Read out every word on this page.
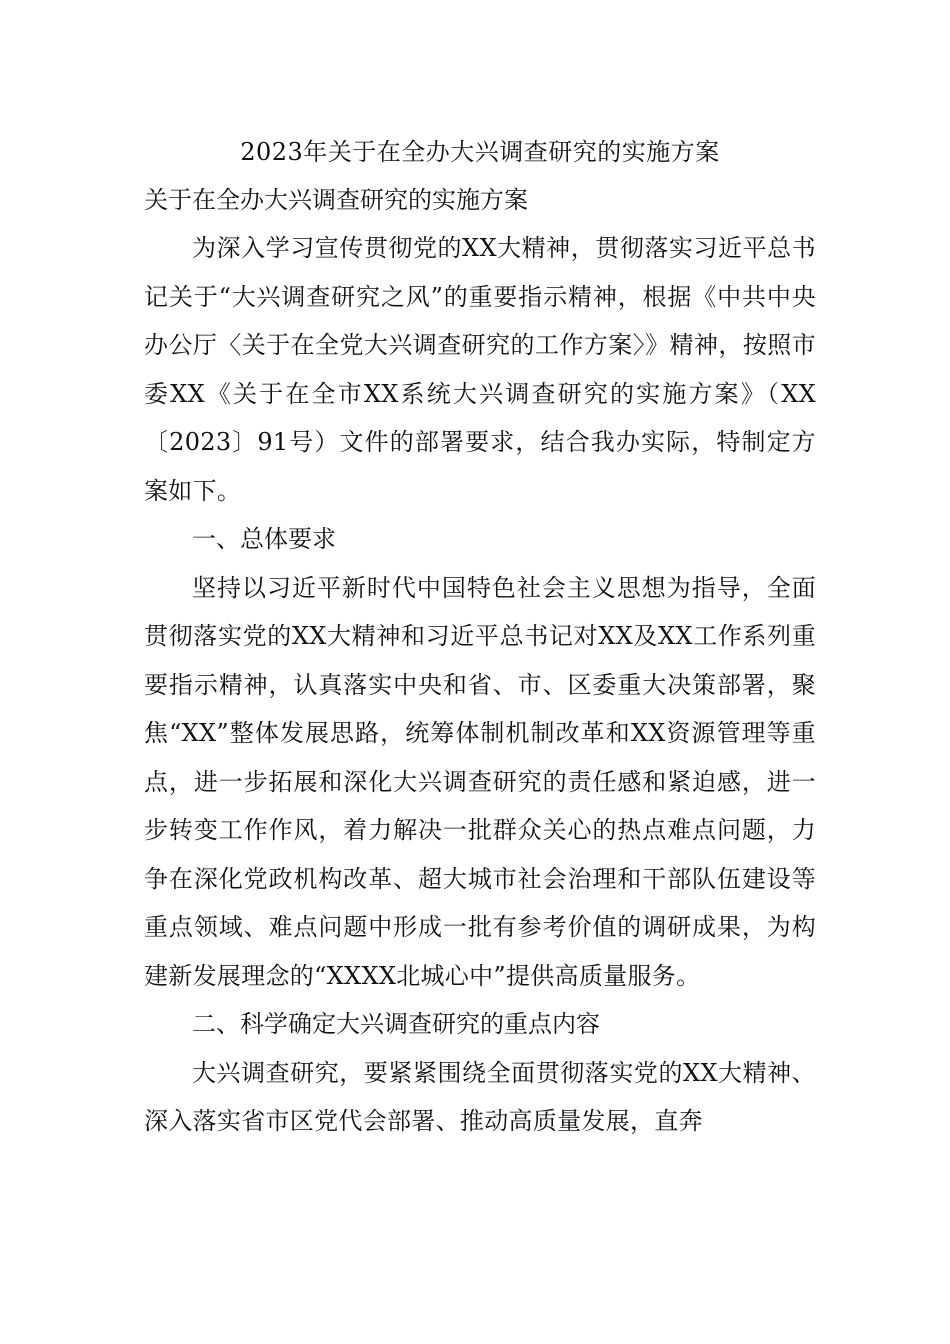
2023年关于在全办大兴调查研究的实施方案

关于在全办大兴调查研究的实施方案

为深入学习宣传贯彻党的XX大精神，贯彻落实习近平总书记关于“大兴调查研究之风”的重要指示精神，根据《中共中央办公厅〈关于在全党大兴调查研究的工作方案〉》精神，按照市委XX《关于在全市XX系统大兴调查研究的实施方案》（XX〔2023〕91号）文件的部署要求，结合我办实际，特制定方案如下。

一、总体要求

坚持以习近平新时代中国特色社会主义思想为指导，全面贯彻落实党的XX大精神和习近平总书记对XX及XX工作系列重要指示精神，认真落实中央和省、市、区委重大决策部署，聚焦“XX”整体发展思路，统筹体制机制改革和XX资源管理等重点，进一步拓展和深化大兴调查研究的责任感和紧迫感，进一步转变工作作风，着力解决一批群众关心的热点难点问题，力争在深化党政机构改革、超大城市社会治理和干部队伍建设等重点领域、难点问题中形成一批有参考价值的调研成果，为构建新发展理念的“XXXX北城心中”提供高质量服务。

二、科学确定大兴调查研究的重点内容

大兴调查研究，要紧紧围绕全面贯彻落实党的XX大精神、深入落实省市区党代会部署、推动高质量发展，直奔
